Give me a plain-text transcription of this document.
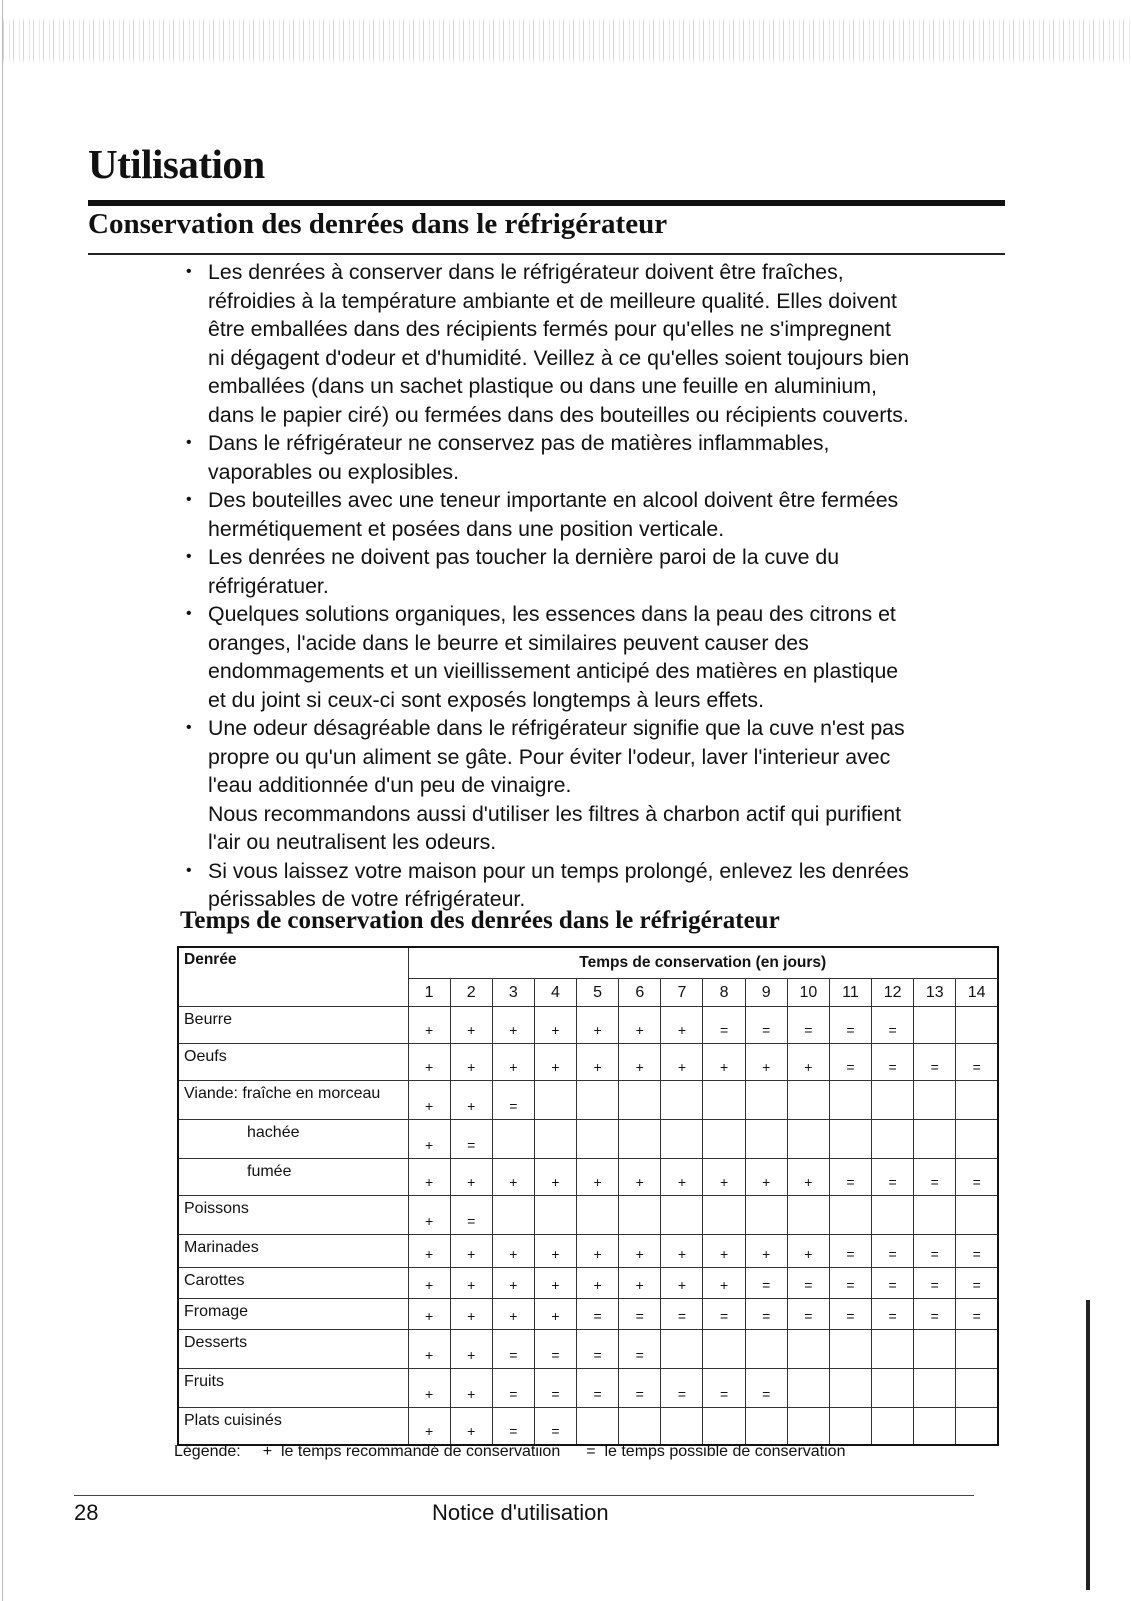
Utilisation
Conservation des denrées dans le réfrigérateur
• Les denrées à conserver dans le réfrigérateur doivent être fraîches,
réfroidies à la température ambiante et de meilleure qualité. Elles doivent
être emballées dans des récipients fermés pour qu'elles ne s'impregnent
ni dégagent d'odeur et d'humidité. Veillez à ce qu'elles soient toujours bien
emballées (dans un sachet plastique ou dans une feuille en aluminium,
dans le papier ciré) ou fermées dans des bouteilles ou récipients couverts.
• Dans le réfrigérateur ne conservez pas de matières inflammables,
vaporables ou explosibles.
• Des bouteilles avec une teneur importante en alcool doivent être fermées
hermétiquement et posées dans une position verticale.
• Les denrées ne doivent pas toucher la dernière paroi de la cuve du
réfrigératuer.
• Quelques solutions organiques, les essences dans la peau des citrons et
oranges, l'acide dans le beurre et similaires peuvent causer des
endommagements et un vieillissement anticipé des matières en plastique
et du joint si ceux-ci sont exposés longtemps à leurs effets.
• Une odeur désagréable dans le réfrigérateur signifie que la cuve n'est pas
propre ou qu'un aliment se gâte. Pour éviter l'odeur, laver l'interieur avec
l'eau additionnée d'un peu de vinaigre.
Nous recommandons aussi d'utiliser les filtres à charbon actif qui purifient
l'air ou neutralisent les odeurs.
• Si vous laissez votre maison pour un temps prolongé, enlevez les denrées
périssables de votre réfrigérateur.
Temps de conservation des denrées dans le réfrigérateur
Denrée	Temps de conservation (en jours)													
	1	2	3	4	5	6	7	8	9	10	11	12	13	14
Beurre	+	+	+	+	+	+	+	=	=	=	=	=		
Oeufs	+	+	+	+	+	+	+	+	+	+	=	=	=	=
Viande: fraîche en morceau	+	+	=											
hachée	+	=												
fumée	+	+	+	+	+	+	+	+	+	+	=	=	=	=
Poissons	+	=												
Marinades	+	+	+	+	+	+	+	+	+	+	=	=	=	=
Carottes	+	+	+	+	+	+	+	+	=	=	=	=	=	=
Fromage	+	+	+	+	=	=	=	=	=	=	=	=	=	=
Desserts	+	+	=	=	=	=								
Fruits	+	+	=	=	=	=	=	=	=					
Plats cuisinés	+	+	=	=										

Légende: + le temps recommandé de conservatiion = le temps possible de conservation

28	Notice d'utilisation
